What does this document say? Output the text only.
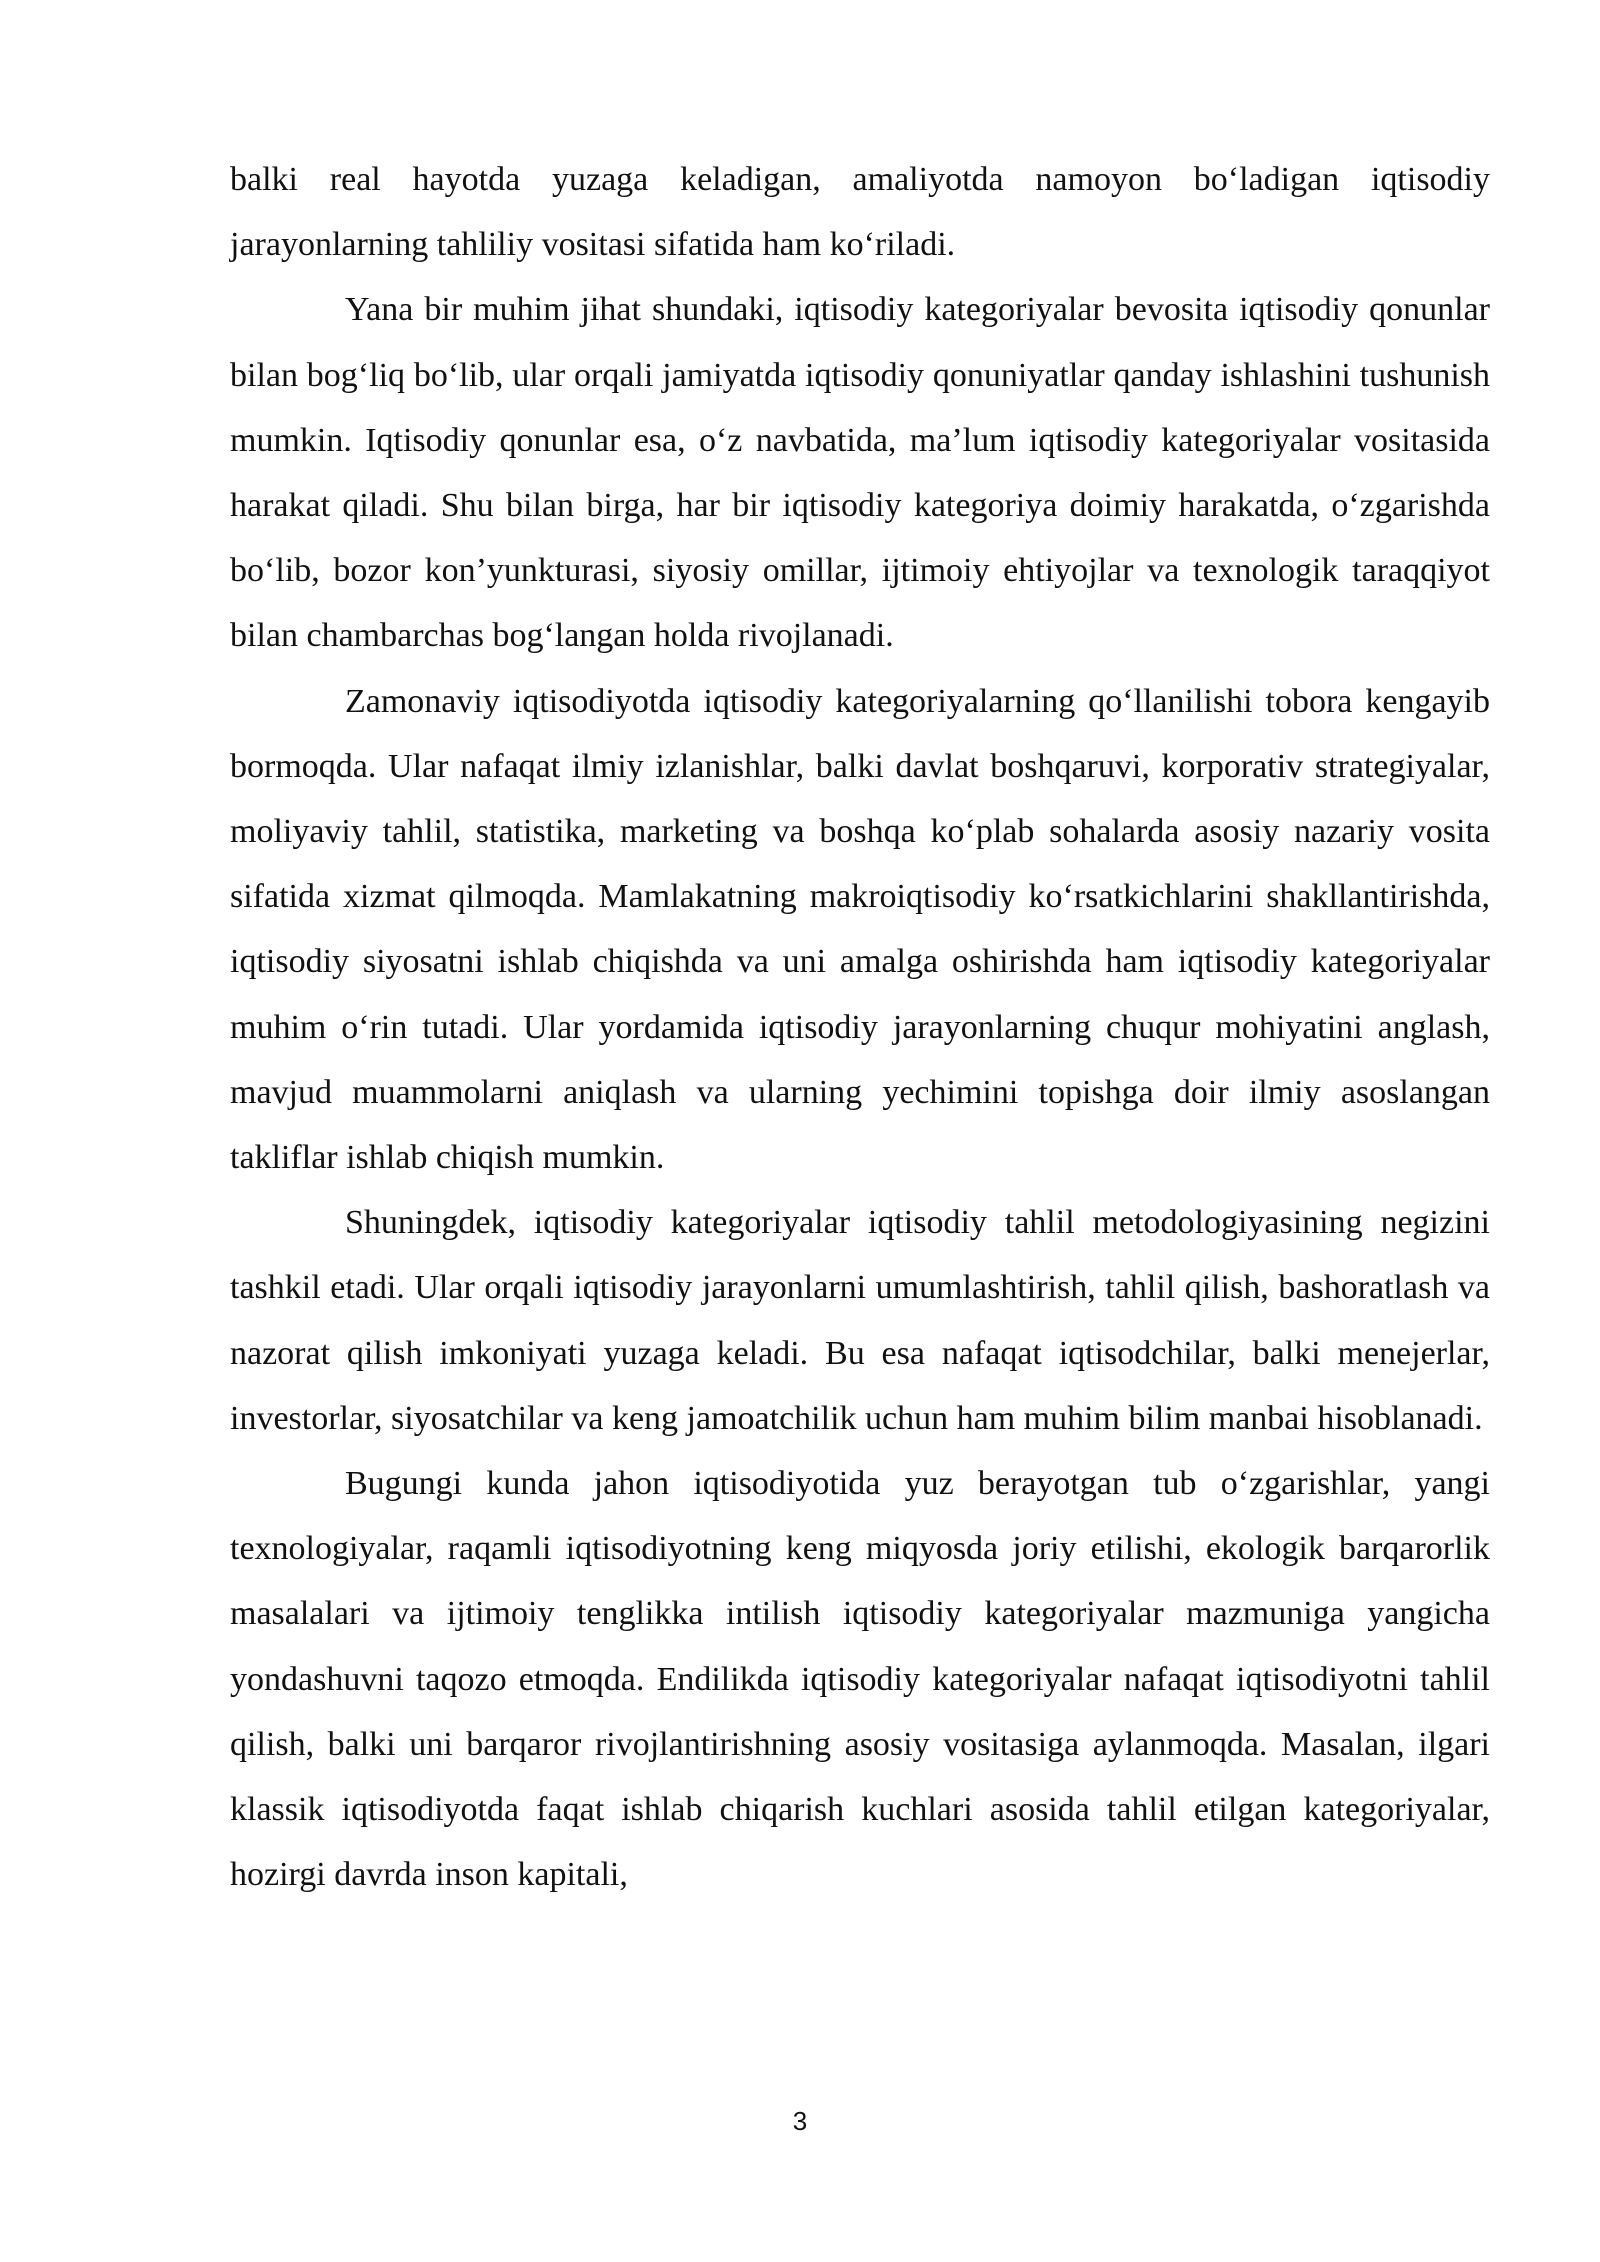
balki real hayotda yuzaga keladigan, amaliyotda namoyon bo‘ladigan iqtisodiy jarayonlarning tahliliy vositasi sifatida ham ko‘riladi.

Yana bir muhim jihat shundaki, iqtisodiy kategoriyalar bevosita iqtisodiy qonunlar bilan bog‘liq bo‘lib, ular orqali jamiyatda iqtisodiy qonuniyatlar qanday ishlashini tushunish mumkin. Iqtisodiy qonunlar esa, o‘z navbatida, ma’lum iqtisodiy kategoriyalar vositasida harakat qiladi. Shu bilan birga, har bir iqtisodiy kategoriya doimiy harakatda, o‘zgarishda bo‘lib, bozor kon’yunkturasi, siyosiy omillar, ijtimoiy ehtiyojlar va texnologik taraqqiyot bilan chambarchas bog‘langan holda rivojlanadi.

Zamonaviy iqtisodiyotda iqtisodiy kategoriyalarning qo‘llanilishi tobora kengayib bormoqda. Ular nafaqat ilmiy izlanishlar, balki davlat boshqaruvi, korporativ strategiyalar, moliyaviy tahlil, statistika, marketing va boshqa ko‘plab sohalarda asosiy nazariy vosita sifatida xizmat qilmoqda. Mamlakatning makroiqtisodiy ko‘rsatkichlarini shakllantirishda, iqtisodiy siyosatni ishlab chiqishda va uni amalga oshirishda ham iqtisodiy kategoriyalar muhim o‘rin tutadi. Ular yordamida iqtisodiy jarayonlarning chuqur mohiyatini anglash, mavjud muammolarni aniqlash va ularning yechimini topishga doir ilmiy asoslangan takliflar ishlab chiqish mumkin.

Shuningdek, iqtisodiy kategoriyalar iqtisodiy tahlil metodologiyasining negizini tashkil etadi. Ular orqali iqtisodiy jarayonlarni umumlashtirish, tahlil qilish, bashoratlash va nazorat qilish imkoniyati yuzaga keladi. Bu esa nafaqat iqtisodchilar, balki menejerlar, investorlar, siyosatchilar va keng jamoatchilik uchun ham muhim bilim manbai hisoblanadi.

Bugungi kunda jahon iqtisodiyotida yuz berayotgan tub o‘zgarishlar, yangi texnologiyalar, raqamli iqtisodiyotning keng miqyosda joriy etilishi, ekologik barqarorlik masalalari va ijtimoiy tenglikka intilish iqtisodiy kategoriyalar mazmuniga yangicha yondashuvni taqozo etmoqda. Endilikda iqtisodiy kategoriyalar nafaqat iqtisodiyotni tahlil qilish, balki uni barqaror rivojlantirishning asosiy vositasiga aylanmoqda. Masalan, ilgari klassik iqtisodiyotda faqat ishlab chiqarish kuchlari asosida tahlil etilgan kategoriyalar, hozirgi davrda inson kapitali,

3
